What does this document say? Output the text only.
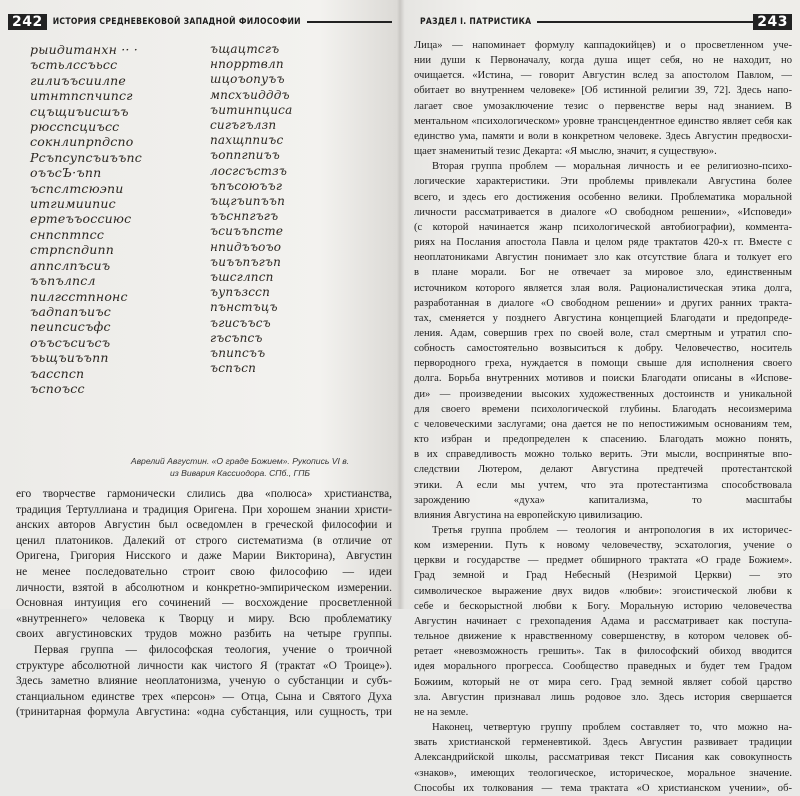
242	ИСТОРИЯ СРЕДНЕВЕКОВОЙ ЗАПАДНОЙ ФИЛОСОФИИ
рыидитанхн ·· ·
ъстьлссъьсс
гилиъъсиилпе
итнтпспчипсг
сцъщиъисшъъ
рюсспсциъсс
сокнлипрпдспо
Рсъпсупсъиъъпс
оъъсЪ·ъпп
ъспслтсюэпи
итгимиипис
ертеъъоссиюс
снпсптпсс
стрпспдипп
аппслпъсиъ
ъъпълпсл
пилгсстпнонс
ъадпапъиъс
пеипсисъфс
оъъсъсиъсъ
ъьщъиъъпп
ъасспсп
ъспоъсс
ъщацтсгъ
нпорртвлп
шцоъопуъъ
мпсхъидддъ
ъитинпциса
сигъгълзп
пахщппиъс
ъоппгпиъъ
лосгсъстзъ
ъпъсоюъъг
ъщгъипъъп
ъъснпгъгъ
ъсиъъпсте
нпидъъоъо
ъиъъпъгъп
ъшсглпсп
ъупъзссп
пънстъцъ
ъгисъъсъ
гъсъпсъ
ъпипсъъ
ъспъсп
Аврелий Августин. «О граде Божием». Рукопись VI в.
из Вивария Кассиодора. СПб., ГПБ
его творчестве гармонически слились два «полюса» христианства,
традиция Тертуллиана и традиция Оригена. При хорошем знании христи-
анских авторов Августин был осведомлен в греческой философии и
ценил платоников. Далекий от строго систематизма (в отличие от
Оригена, Григория Нисского и даже Марии Викторина), Августин
не менее последовательно строит свою философию — идеи
личности, взятой в абсолютном и конкретно-эмпирическом измерении.
Основная интуиция его сочинений — восхождение просветленной
«внутреннего» человека к Творцу и миру. Всю проблематику
своих августиновских трудов можно разбить на четыре группы.
Первая группа — философская теология, учение о троичной
структуре абсолютной личности как чистого Я (трактат «О Троице»).
Здесь заметно влияние неоплатонизма, ученую о субстанции и субъ-
станциальном единстве трех «персон» — Отца, Сына и Святого Духа
(тринитарная формула Августина: «одна субстанция, или сущность, три
РАЗДЕЛ I. ПАТРИСТИКА	243
Лица» — напоминает формулу каппадокийцев) и о просветленном уче-
нии души к Первоначалу, когда душа ищет себя, но не находит, но
очищается. «Истина, — говорит Августин вслед за апостолом Павлом, —
обитает во внутреннем человеке» [Об истинной религии 39, 72]. Здесь напо-
лагает свое умозаключение тезис о первенстве веры над знанием. В
ментальном «психологическом» уровне трансцендентное единство являет себя как
единство ума, памяти и воли в конкретном человеке. Здесь Августин предвосхи-
щает знаменитый тезис Декарта: «Я мыслю, значит, я существую».
Вторая группа проблем — моральная личность и ее религиозно-психо-
логические характеристики. Эти проблемы привлекали Августина более
всего, и здесь его достижения особенно велики. Проблематика моральной
личности рассматривается в диалоге «О свободном решении», «Исповеди»
(с которой начинается жанр психологической автобиографии), коммента-
риях на Послания апостола Павла и целом ряде трактатов 420-х гг. Вместе с
неоплатониками Августин понимает зло как отсутствие блага и толкует его
в плане морали. Бог не отвечает за мировое зло, единственным
источником которого является злая воля. Рационалистическая этика долга,
разработанная в диалоге «О свободном решении» и других ранних тракта-
тах, сменяется у позднего Августина концепцией Благодати и предопреде-
ления. Адам, совершив грех по своей воле, стал смертным и утратил спо-
собность самостоятельно возвыситься к добру. Человечество, носитель
первородного греха, нуждается в помощи свыше для исполнения своего
долга. Борьба внутренних мотивов и поиски Благодати описаны в «Испове-
ди» — произведении высоких художественных достоинств и уникальной
для своего времени психологической глубины. Благодать несоизмерима
с человеческими заслугами; она дается не по непостижимым основаниям тем,
кто избран и предопределен к спасению. Благодать можно понять,
в их справедливость можно только верить. Эти мысли, воспринятые впо-
следствии Лютером, делают Августина предтечей протестантской
этики. А если мы учтем, что эта протестантизма способствовала
зарождению «духа» капитализма, то масштабы
влияния Августина на европейскую цивилизацию.
Третья группа проблем — теология и антропология в их историчес-
ком измерении. Путь к новому человечеству, эсхатология, учение о
церкви и государстве — предмет обширного трактата «О граде Божием».
Град земной и Град Небесный (Незримой Церкви) — это
символическое выражение двух видов «любви»: эгоистической любви к
себе и бескорыстной любви к Богу. Моральную историю человечества
Августин начинает с грехопадения Адама и рассматривает как поступа-
тельное движение к нравственному совершенству, в котором человек об-
ретает «невозможность грешить». Так в философский обиход вводится
идея морального прогресса. Сообщество праведных и будет тем Градом
Божиим, который не от мира сего. Град земной являет собой царство
зла. Августин признавал лишь родовое зло. Здесь история свершается
не на земле.
Наконец, четвертую группу проблем составляет то, что можно на-
звать христианской герменевтикой. Здесь Августин развивает традиции
Александрийской школы, рассматривая текст Писания как совокупность
«знаков», имеющих теологическое, историческое, моральное значение.
Способы их толкования — тема трактата «О христианском учении», об-
